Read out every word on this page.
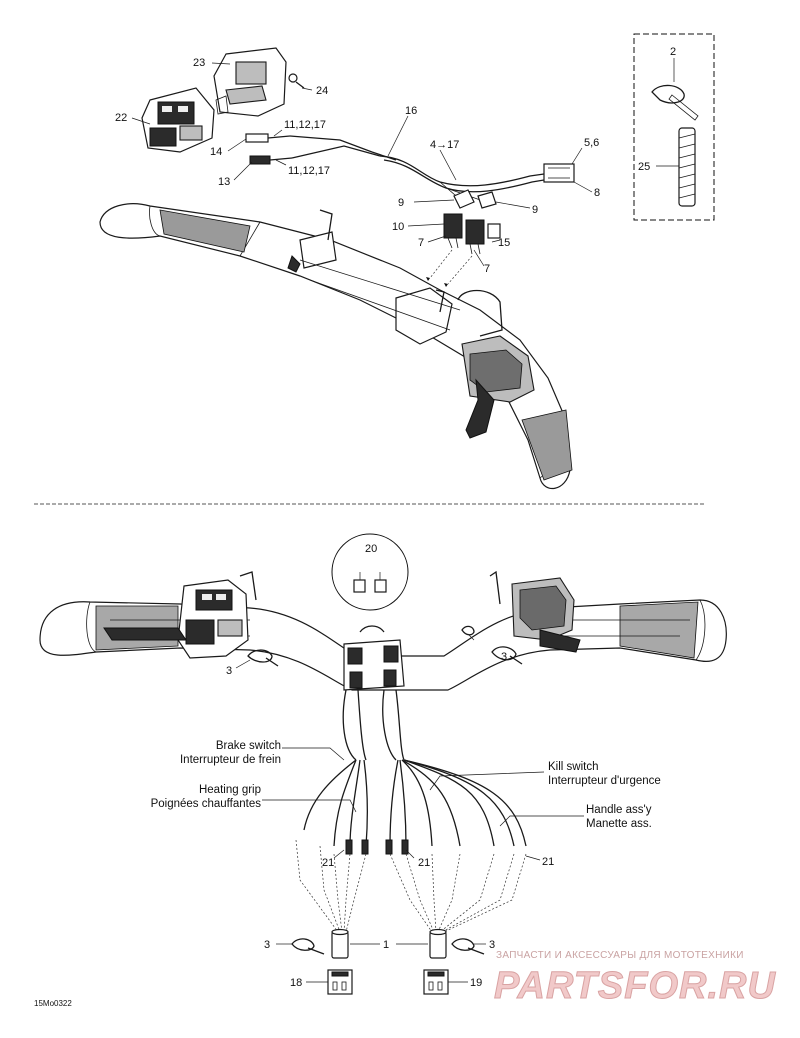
2
25
23
24
22
14
13
11,12,17
11,12,17
16
4→17	5,6
8
9
9
10
7
7
15
20
3
Brake switch
Interrupteur de frein
Heating grip
Poignées chauffantes
Kill switch
Interrupteur d'urgence
Handle ass'y
Manette ass.
21	21	21
1
3	3
3
18	19
15Mo0322
ЗАПЧАСТИ И АКСЕССУАРЫ ДЛЯ МОТОТЕХНИКИ
PARTSFOR.RU
